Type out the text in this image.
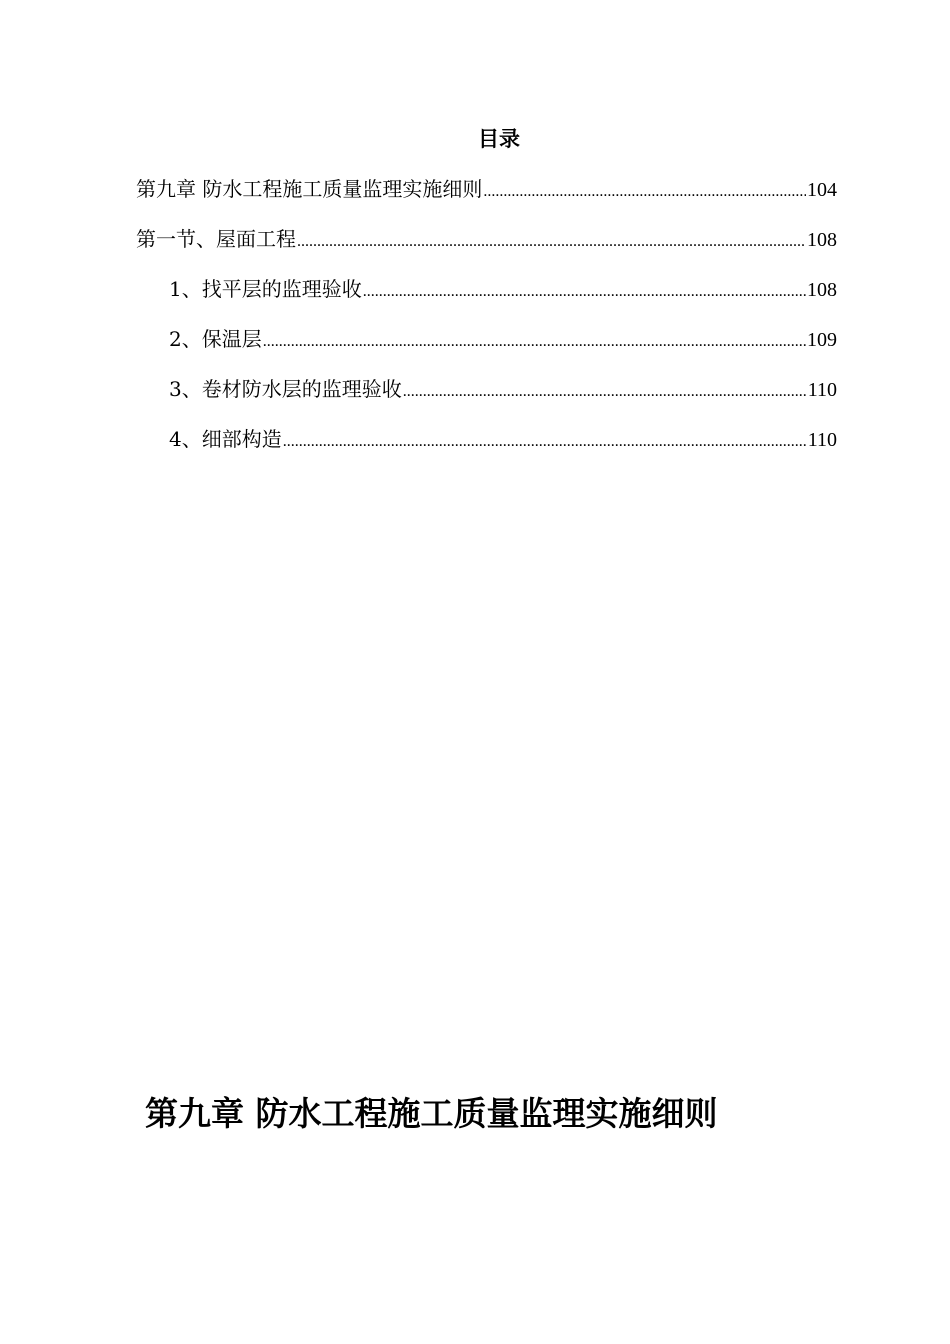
目录
第九章 防水工程施工质量监理实施细则 .....	104
第一节、屋面工程 .....	108
1、找平层的监理验收 .....	108
2、保温层 .....	109
3、卷材防水层的监理验收 .....	110
4、细部构造 .....	110
第九章 防水工程施工质量监理实施细则
